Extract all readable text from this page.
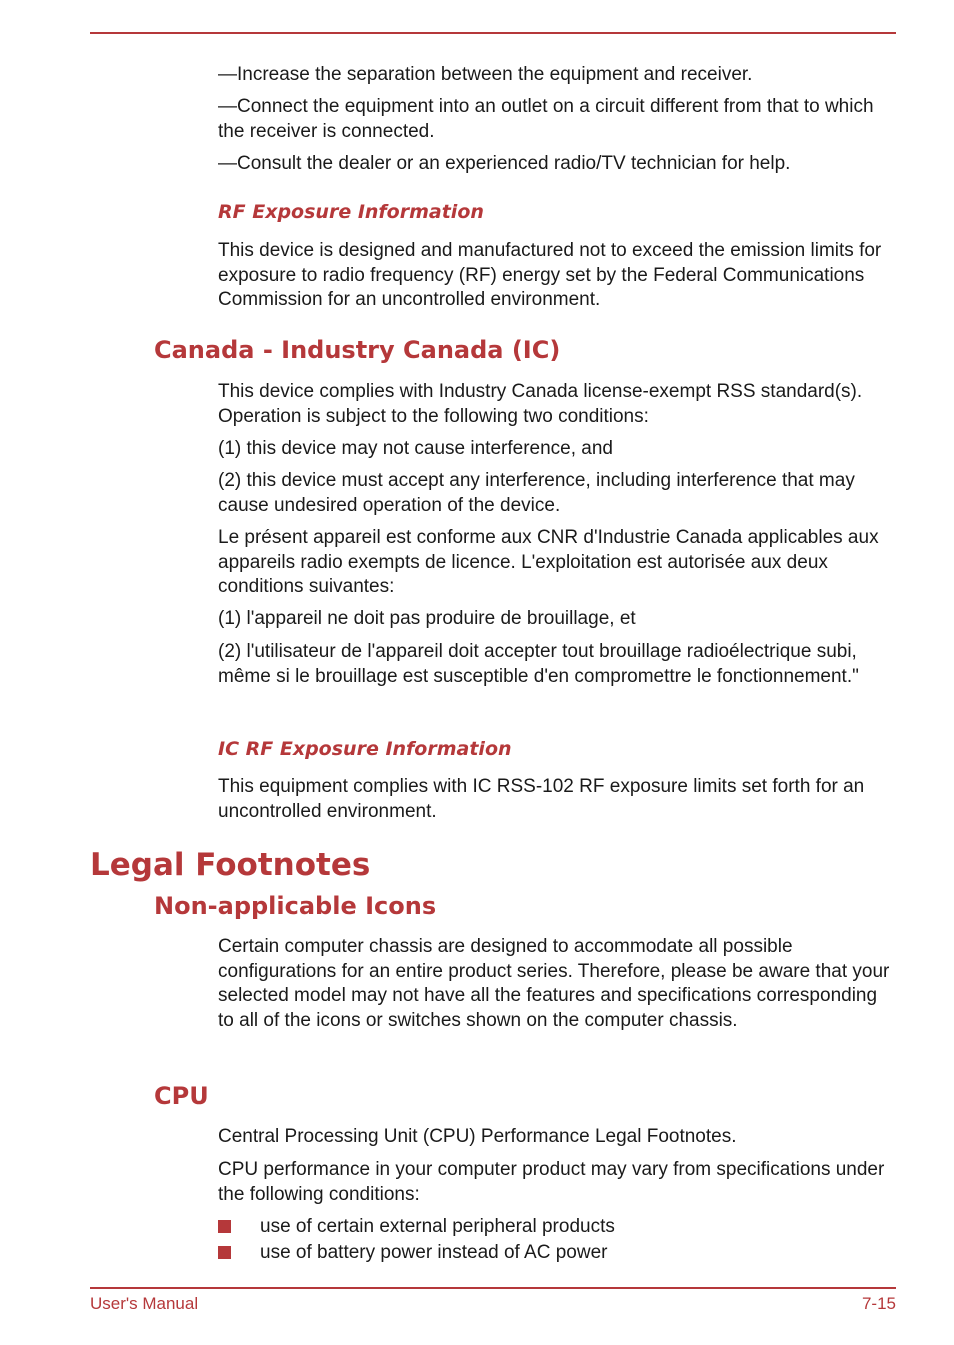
—Increase the separation between the equipment and receiver.

—Connect the equipment into an outlet on a circuit different from that to which the receiver is connected.

—Consult the dealer or an experienced radio/TV technician for help.

RF Exposure Information

This device is designed and manufactured not to exceed the emission limits for exposure to radio frequency (RF) energy set by the Federal Communications Commission for an uncontrolled environment.

Canada - Industry Canada (IC)

This device complies with Industry Canada license-exempt RSS standard(s). Operation is subject to the following two conditions:

(1) this device may not cause interference, and

(2) this device must accept any interference, including interference that may cause undesired operation of the device.

Le présent appareil est conforme aux CNR d'Industrie Canada applicables aux appareils radio exempts de licence. L'exploitation est autorisée aux deux conditions suivantes:

(1) l'appareil ne doit pas produire de brouillage, et

(2) l'utilisateur de l'appareil doit accepter tout brouillage radioélectrique subi, même si le brouillage est susceptible d'en compromettre le fonctionnement."

IC RF Exposure Information

This equipment complies with IC RSS-102 RF exposure limits set forth for an uncontrolled environment.

Legal Footnotes
Non-applicable Icons

Certain computer chassis are designed to accommodate all possible configurations for an entire product series. Therefore, please be aware that your selected model may not have all the features and specifications corresponding to all of the icons or switches shown on the computer chassis.

CPU

Central Processing Unit (CPU) Performance Legal Footnotes.

CPU performance in your computer product may vary from specifications under the following conditions:

use of certain external peripheral products
use of battery power instead of AC power
User's Manual	7-15
